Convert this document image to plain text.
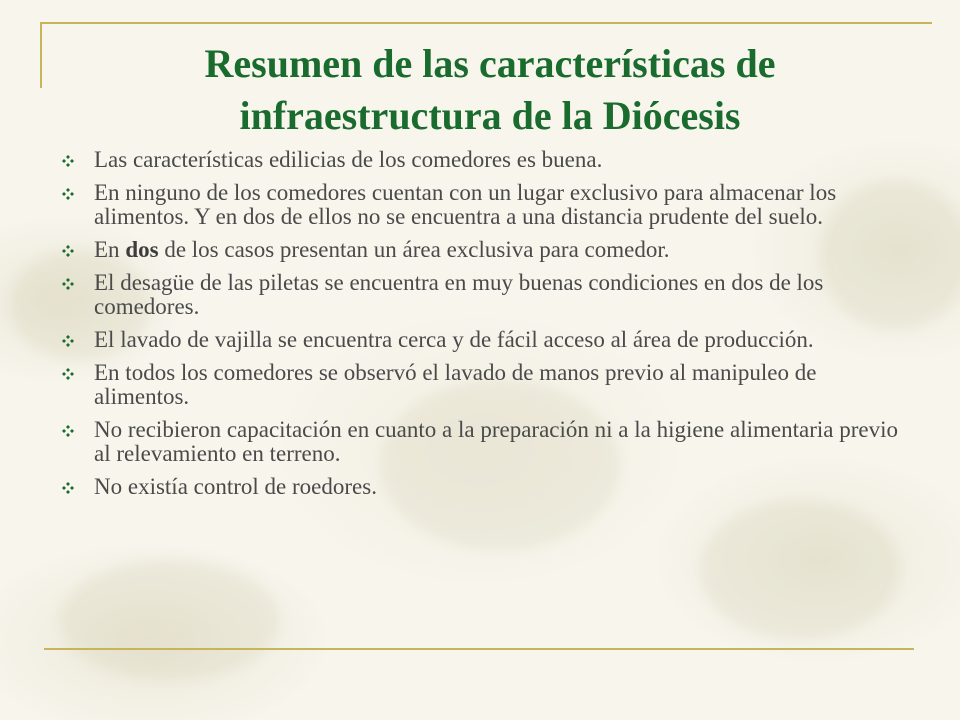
Resumen de las características de
infraestructura de la Diócesis
Las características edilicias de los comedores es buena.
En ninguno de los comedores cuentan con un lugar exclusivo para almacenar los alimentos. Y en dos de ellos no se encuentra a una distancia prudente del suelo.
En dos de los casos presentan un área exclusiva para comedor.
El desagüe de las piletas se encuentra en muy buenas condiciones en dos de los comedores.
El lavado de vajilla se encuentra cerca y de fácil acceso al área de producción.
En todos los comedores se observó el lavado de manos previo al manipuleo de alimentos.
No recibieron capacitación en cuanto a la preparación ni a la higiene alimentaria previo al relevamiento en terreno.
No existía control de roedores.
